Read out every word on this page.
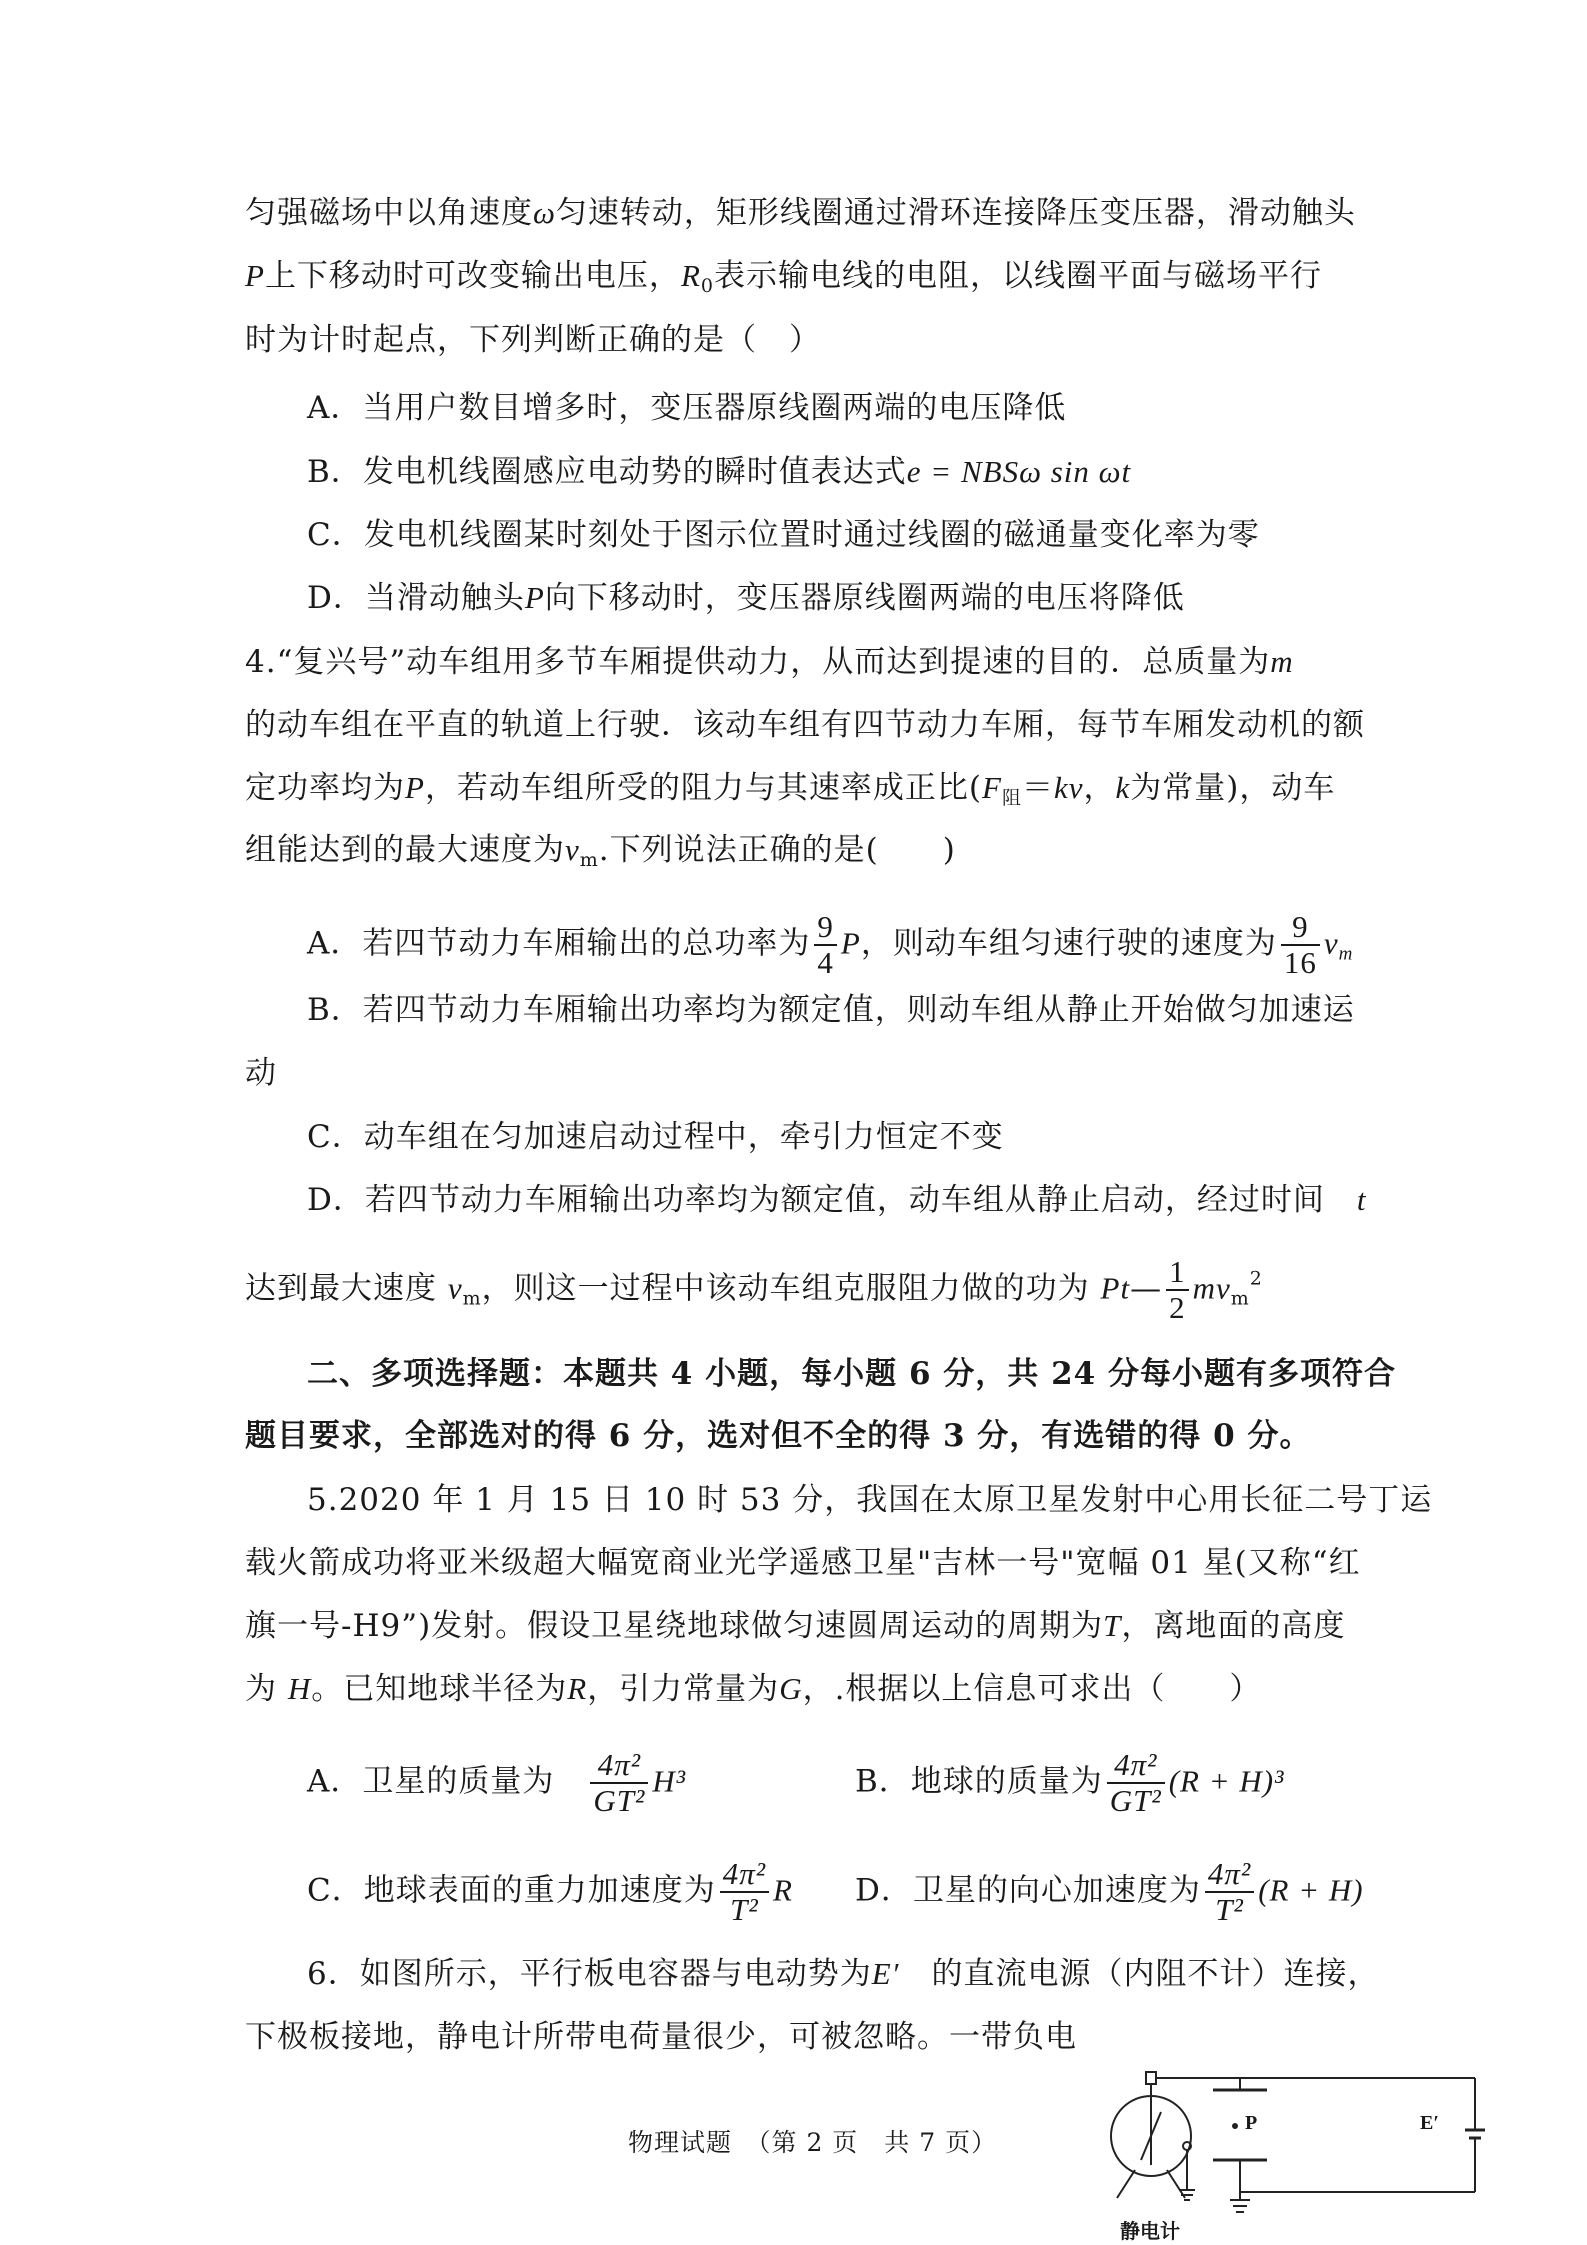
匀强磁场中以角速度ω匀速转动，矩形线圈通过滑环连接降压变压器，滑动触头
P上下移动时可改变输出电压，$R_0$表示输电线的电阻，以线圈平面与磁场平行
时为计时起点，下列判断正确的是（　）
A．当用户数目增多时，变压器原线圈两端的电压降低
B．发电机线圈感应电动势的瞬时值表达式e = NBSω sin ωt
C．发电机线圈某时刻处于图示位置时通过线圈的磁通量变化率为零
D．当滑动触头P向下移动时，变压器原线圈两端的电压将降低
4.“复兴号”动车组用多节车厢提供动力，从而达到提速的目的．总质量为m
的动车组在平直的轨道上行驶．该动车组有四节动力车厢，每节车厢发动机的额
定功率均为P，若动车组所受的阻力与其速率成正比($F_阻=kv$，k为常量)，动车
组能达到的最大速度为$v_m$.下列说法正确的是(　　)
A．若四节动力车厢输出的总功率为 $\frac{9}{4}$ P，则动车组匀速行驶的速度为 $\frac{9}{16} v_m$
B．若四节动力车厢输出功率均为额定值，则动车组从静止开始做匀加速运
动
C．动车组在匀加速启动过程中，牵引力恒定不变
D．若四节动力车厢输出功率均为额定值，动车组从静止启动，经过时间　 t
达到最大速度 $v_m$，则这一过程中该动车组克服阻力做的功为 Pt— $\frac{1}{2} mv_m^2$
二、多项选择题：本题共 4 小题，每小题 6 分，共 24 分每小题有多项符合
题目要求，全部选对的得 6 分，选对但不全的得 3 分，有选错的得 0 分。
5.2020 年 1 月 15 日 10 时 53 分，我国在太原卫星发射中心用长征二号丁运
载火箭成功将亚米级超大幅宽商业光学遥感卫星"吉林一号"宽幅 01 星(又称“红
旗一号-H9”)发射。假设卫星绕地球做匀速圆周运动的周期为T，离地面的高度
为 H。已知地球半径为R，引力常量为G，.根据以上信息可求出（　　）
A．卫星的质量为　 $\frac{\text{4π²}}{\text{GT²}} H^3$	B．地球的质量为 $\frac{\text{4π²}}{\text{GT²}} (R + H)^3$
C．地球表面的重力加速度为 $\frac{\text{4π²}}{\text{T²}}$ R D．卫星的向心加速度为 $\frac{\text{4π²}}{\text{T²}} (R + H)$
6．如图所示，平行板电容器与电动势为E′　 的直流电源（内阻不计）连接，
下极板接地，静电计所带电荷量很少，可被忽略。一带负电
P	E′
静电计
物理试题　（第 2 页　共 7 页）
